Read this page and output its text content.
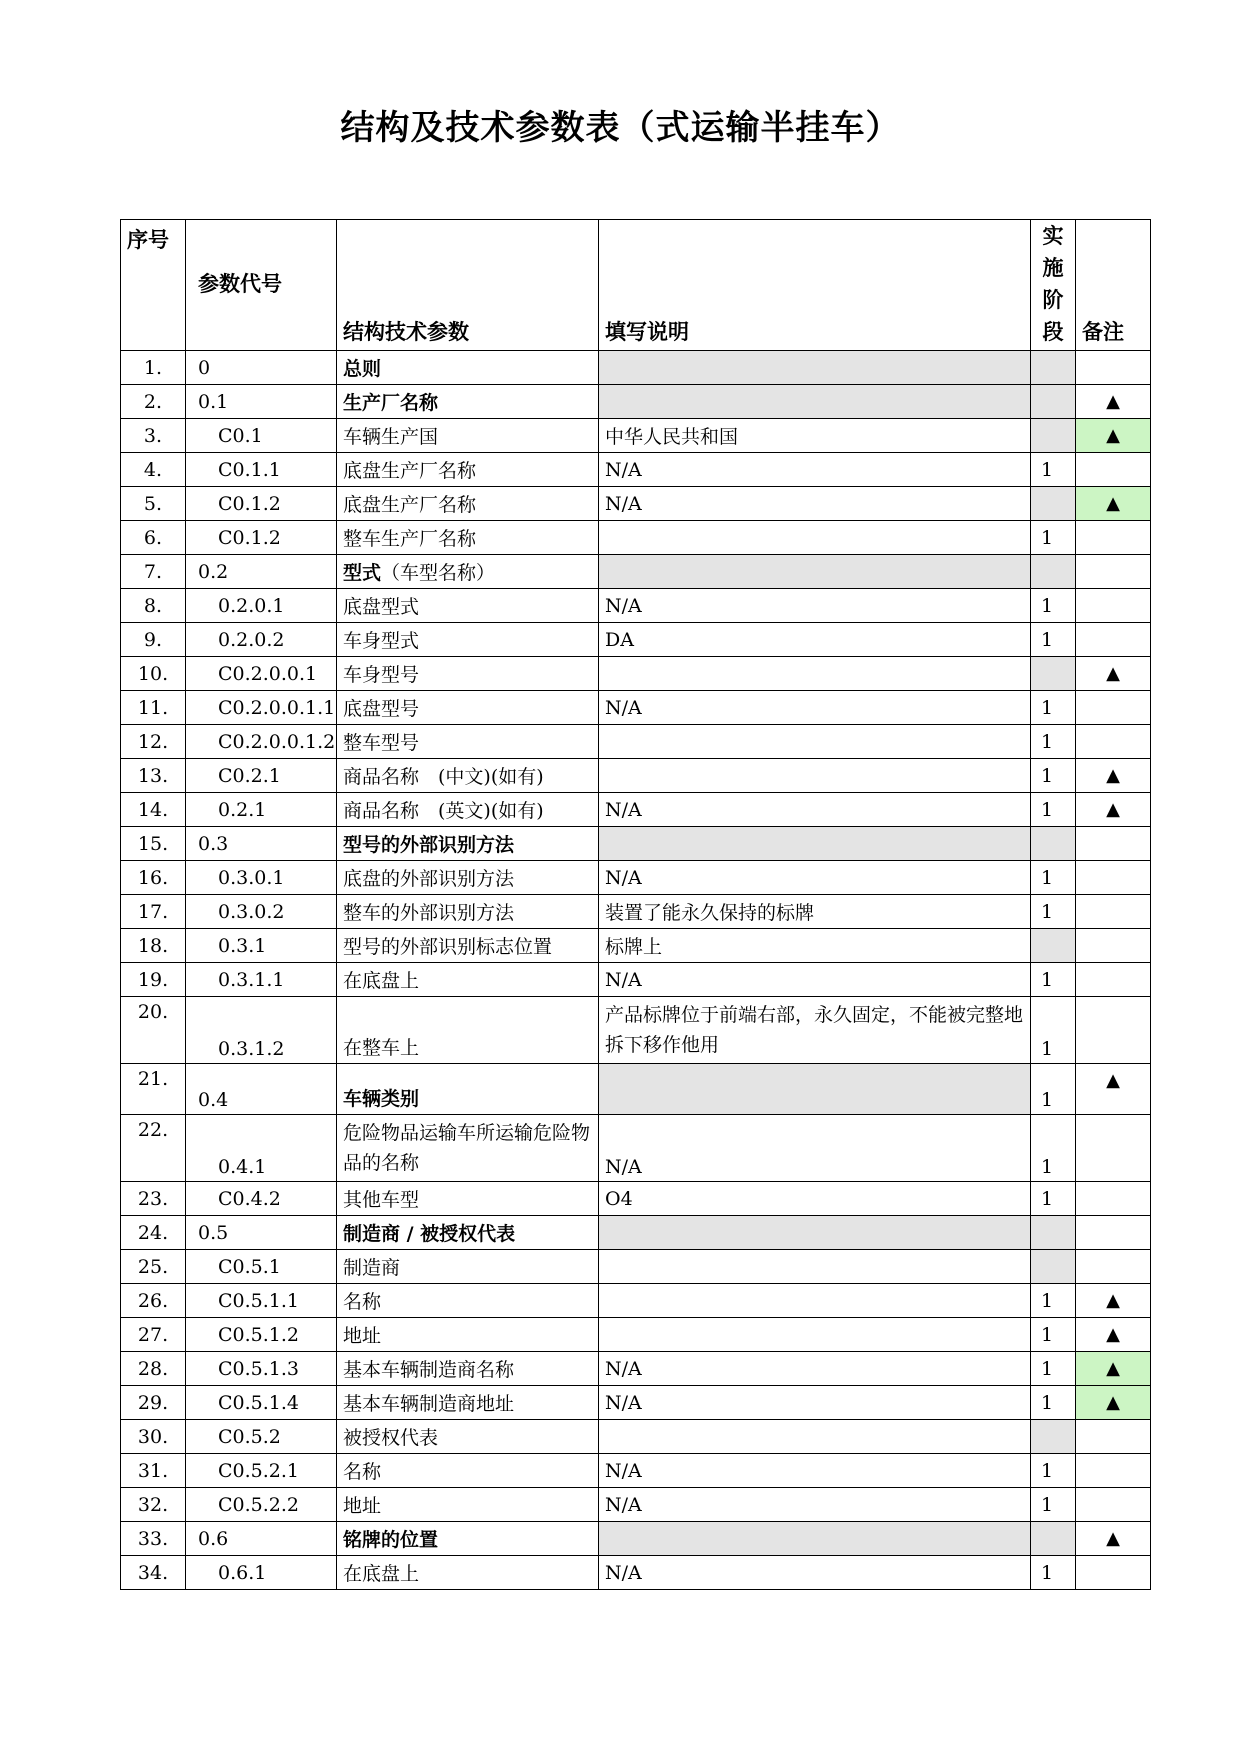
结构及技术参数表（式运输半挂车）
序号	参数代号	结构技术参数	填写说明	实施阶段	备注
1.	0	总则			
2.	0.1	生产厂名称			▲
3.	C0.1	车辆生产国	中华人民共和国		▲
4.	C0.1.1	底盘生产厂名称	N/A	1	
5.	C0.1.2	底盘生产厂名称	N/A		▲
6.	C0.1.2	整车生产厂名称		1	
7.	0.2	型式（车型名称）			
8.	0.2.0.1	底盘型式	N/A	1	
9.	0.2.0.2	车身型式	DA	1	
10.	C0.2.0.0.1	车身型号			▲
11.	C0.2.0.0.1.1	底盘型号	N/A	1	
12.	C0.2.0.0.1.2	整车型号		1	
13.	C0.2.1	商品名称　(中文)(如有)		1	▲
14.	0.2.1	商品名称　(英文)(如有)	N/A	1	▲
15.	0.3	型号的外部识别方法			
16.	0.3.0.1	底盘的外部识别方法	N/A	1	
17.	0.3.0.2	整车的外部识别方法	装置了能永久保持的标牌	1	
18.	0.3.1	型号的外部识别标志位置	标牌上		
19.	0.3.1.1	在底盘上	N/A	1	
20.	0.3.1.2	在整车上	产品标牌位于前端右部，永久固定，不能被完整地拆下移作他用	1	
21.	0.4	车辆类别		1	▲
22.	0.4.1	危险物品运输车所运输危险物品的名称	N/A	1	
23.	C0.4.2	其他车型	O4	1	
24.	0.5	制造商 / 被授权代表			
25.	C0.5.1	制造商			
26.	C0.5.1.1	名称		1	▲
27.	C0.5.1.2	地址		1	▲
28.	C0.5.1.3	基本车辆制造商名称	N/A	1	▲
29.	C0.5.1.4	基本车辆制造商地址	N/A	1	▲
30.	C0.5.2	被授权代表			
31.	C0.5.2.1	名称	N/A	1	
32.	C0.5.2.2	地址	N/A	1	
33.	0.6	铭牌的位置			▲
34.	0.6.1	在底盘上	N/A	1	
